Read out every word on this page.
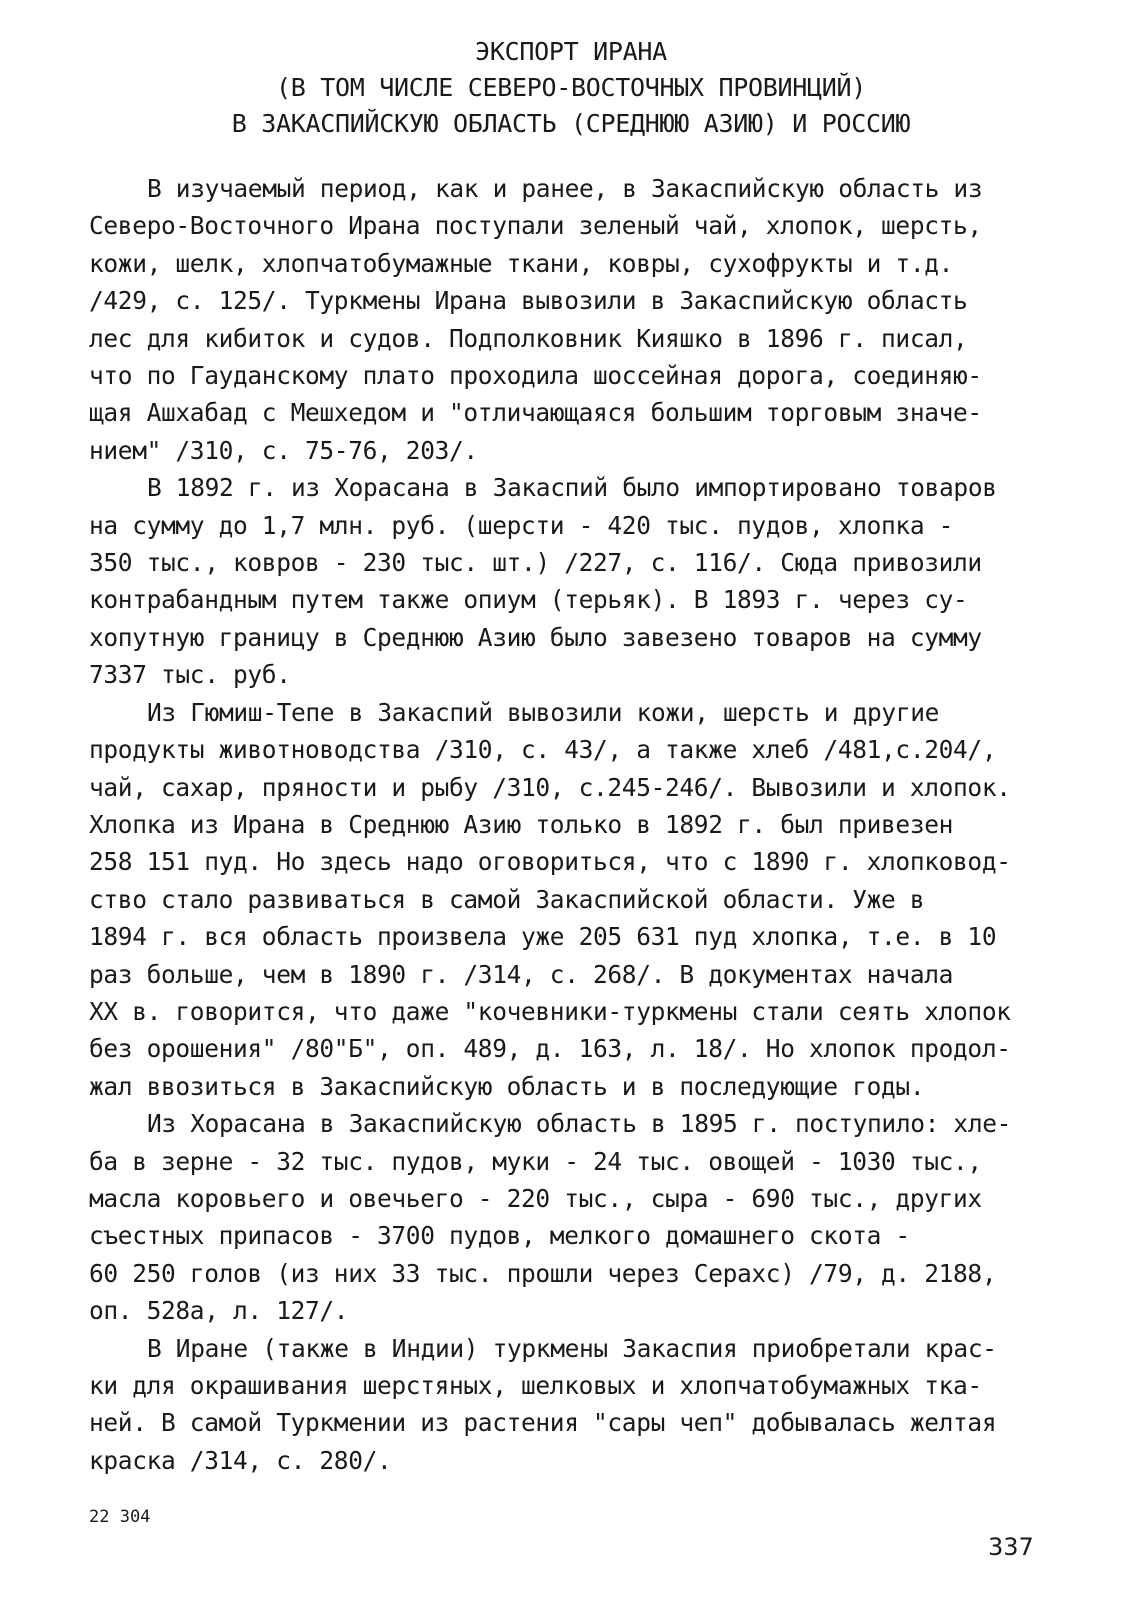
ЭКСПОРТ ИРАНА
(В ТОМ ЧИСЛЕ СЕВЕРО-ВОСТОЧНЫХ ПРОВИНЦИЙ)
В ЗАКАСПИЙСКУЮ ОБЛАСТЬ (СРЕДНЮЮ АЗИЮ) И РОССИЮ
В изучаемый период, как и ранее, в Закаспийскую область из
Северо-Восточного Ирана поступали зеленый чай, хлопок, шерсть,
кожи, шелк, хлопчатобумажные ткани, ковры, сухофрукты и т.д.
/429, с. 125/. Туркмены Ирана вывозили в Закаспийскую область
лес для кибиток и судов. Подполковник Кияшко в 1896 г. писал,
что по Гауданскому плато проходила шоссейная дорога, соединяю-
щая Ашхабад с Мешхедом и "отличающаяся большим торговым значе-
нием" /310, с. 75-76, 203/.
В 1892 г. из Хорасана в Закаспий было импортировано товаров
на сумму до 1,7 млн. руб. (шерсти - 420 тыс. пудов, хлопка -
350 тыс., ковров - 230 тыс. шт.) /227, с. 116/. Сюда привозили
контрабандным путем также опиум (терьяк). В 1893 г. через су-
хопутную границу в Среднюю Азию было завезено товаров на сумму
7337 тыс. руб.
Из Гюмиш-Тепе в Закаспий вывозили кожи, шерсть и другие
продукты животноводства /310, с. 43/, а также хлеб /481,с.204/,
чай, сахар, пряности и рыбу /310, с.245-246/. Вывозили и хлопок.
Хлопка из Ирана в Среднюю Азию только в 1892 г. был привезен
258 151 пуд. Но здесь надо оговориться, что с 1890 г. хлопковод-
ство стало развиваться в самой Закаспийской области. Уже в
1894 г. вся область произвела уже 205 631 пуд хлопка, т.е. в 10
раз больше, чем в 1890 г. /314, с. 268/. В документах начала
XX в. говорится, что даже "кочевники-туркмены стали сеять хлопок
без орошения" /80"Б", оп. 489, д. 163, л. 18/. Но хлопок продол-
жал ввозиться в Закаспийскую область и в последующие годы.
Из Хорасана в Закаспийскую область в 1895 г. поступило: хле-
ба в зерне - 32 тыс. пудов, муки - 24 тыс. овощей - 1030 тыс.,
масла коровьего и овечьего - 220 тыс., сыра - 690 тыс., других
съестных припасов - 3700 пудов, мелкого домашнего скота -
60 250 голов (из них 33 тыс. прошли через Серахс) /79, д. 2188,
оп. 528а, л. 127/.
В Иране (также в Индии) туркмены Закаспия приобретали крас-
ки для окрашивания шерстяных, шелковых и хлопчатобумажных тка-
ней. В самой Туркмении из растения "сары чеп" добывалась желтая
краска /314, с. 280/.
22 304
337
